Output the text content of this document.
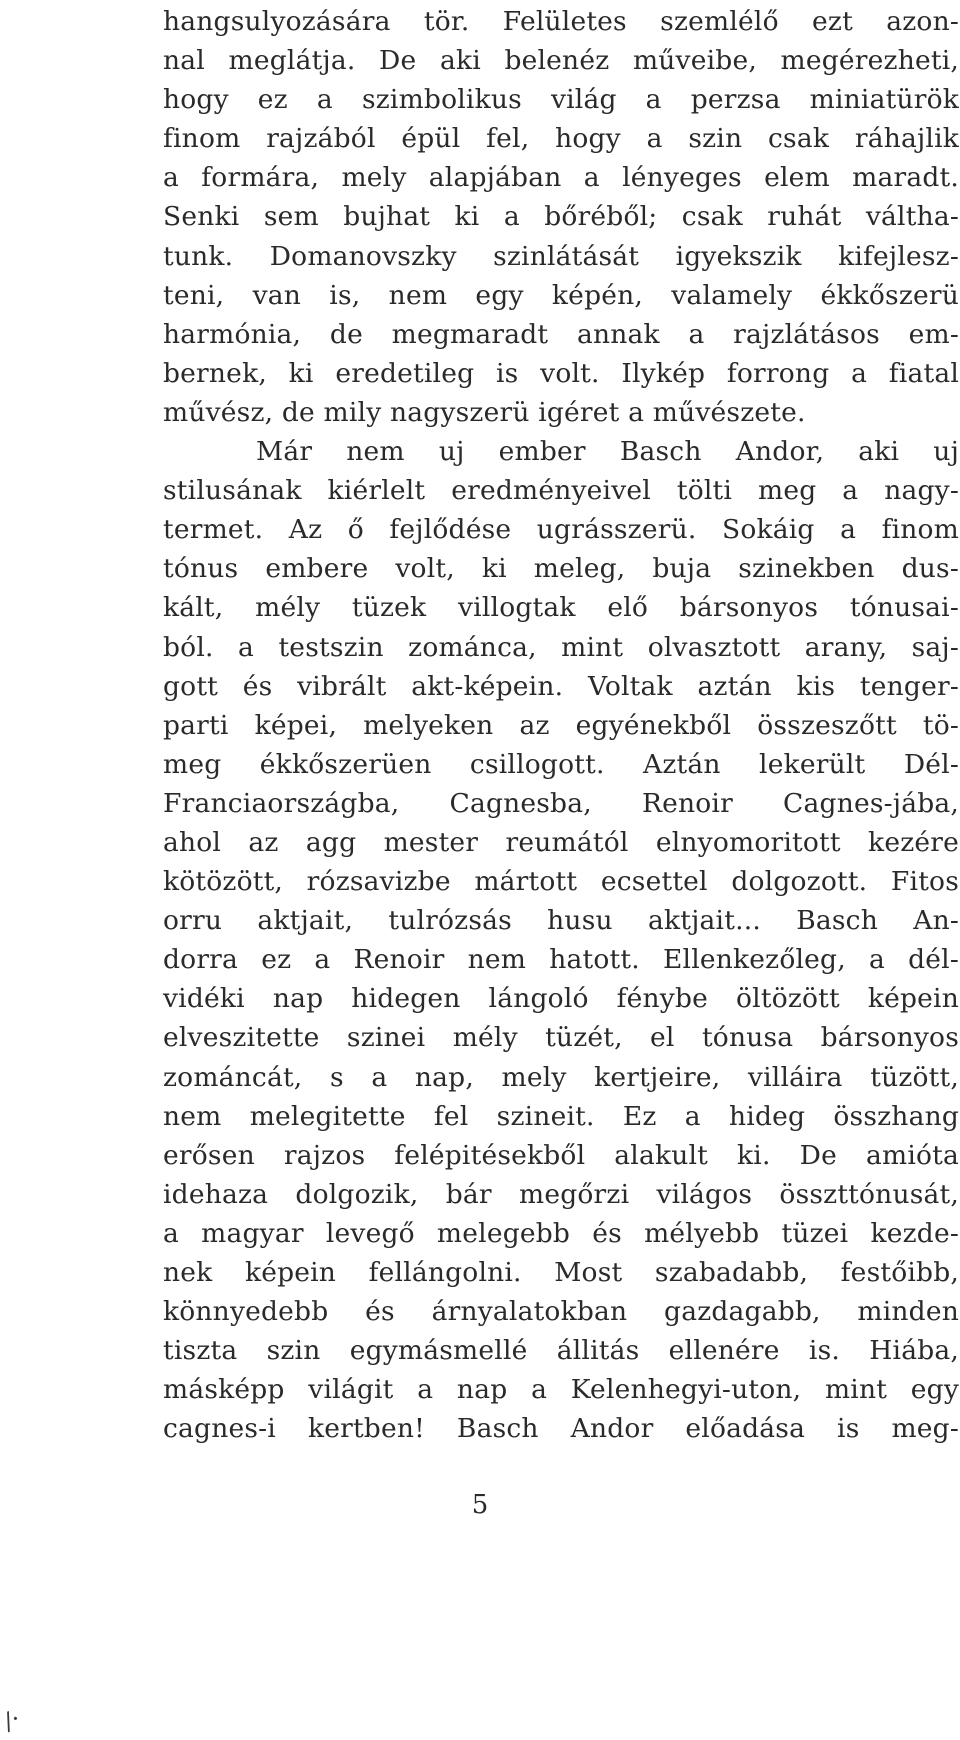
hangsulyozására tör. Felületes szemlélő ezt azon-
nal meglátja. De aki belenéz műveibe, megérezheti,
hogy ez a szimbolikus világ a perzsa miniatürök
finom rajzából épül fel, hogy a szin csak ráhajlik
a formára, mely alapjában a lényeges elem maradt.
Senki sem bujhat ki a bőréből; csak ruhát váltha-
tunk. Domanovszky szinlátását igyekszik kifejlesz-
teni, van is, nem egy képén, valamely ékkőszerü
harmónia, de megmaradt annak a rajzlátásos em-
bernek, ki eredetileg is volt. Ilykép forrong a fiatal
művész, de mily nagyszerü igéret a művészete.
Már nem uj ember Basch Andor, aki uj
stilusának kiérlelt eredményeivel tölti meg a nagy-
termet. Az ő fejlődése ugrásszerü. Sokáig a finom
tónus embere volt, ki meleg, buja szinekben dus-
kált, mély tüzek villogtak elő bársonyos tónusai-
ból. a testszin zománca, mint olvasztott arany, saj-
gott és vibrált akt-képein. Voltak aztán kis tenger-
parti képei, melyeken az egyénekből összeszőtt tö-
meg ékkőszerüen csillogott. Aztán lekerült Dél-
Franciaországba, Cagnesba, Renoir Cagnes-jába,
ahol az agg mester reumától elnyomoritott kezére
kötözött, rózsavizbe mártott ecsettel dolgozott. Fitos
orru aktjait, tulrózsás husu aktjait... Basch An-
dorra ez a Renoir nem hatott. Ellenkezőleg, a dél-
vidéki nap hidegen lángoló fénybe öltözött képein
elveszitette szinei mély tüzét, el tónusa bársonyos
zománcát, s a nap, mely kertjeire, villáira tüzött,
nem melegitette fel szineit. Ez a hideg összhang
erősen rajzos felépitésekből alakult ki. De amióta
idehaza dolgozik, bár megőrzi világos összttónusát,
a magyar levegő melegebb és mélyebb tüzei kezde-
nek képein fellángolni. Most szabadabb, festőibb,
könnyedebb és árnyalatokban gazdagabb, minden
tiszta szin egymásmellé állitás ellenére is. Hiába,
másképp világit a nap a Kelenhegyi-uton, mint egy
cagnes-i kertben! Basch Andor előadása is meg-
5
/·
